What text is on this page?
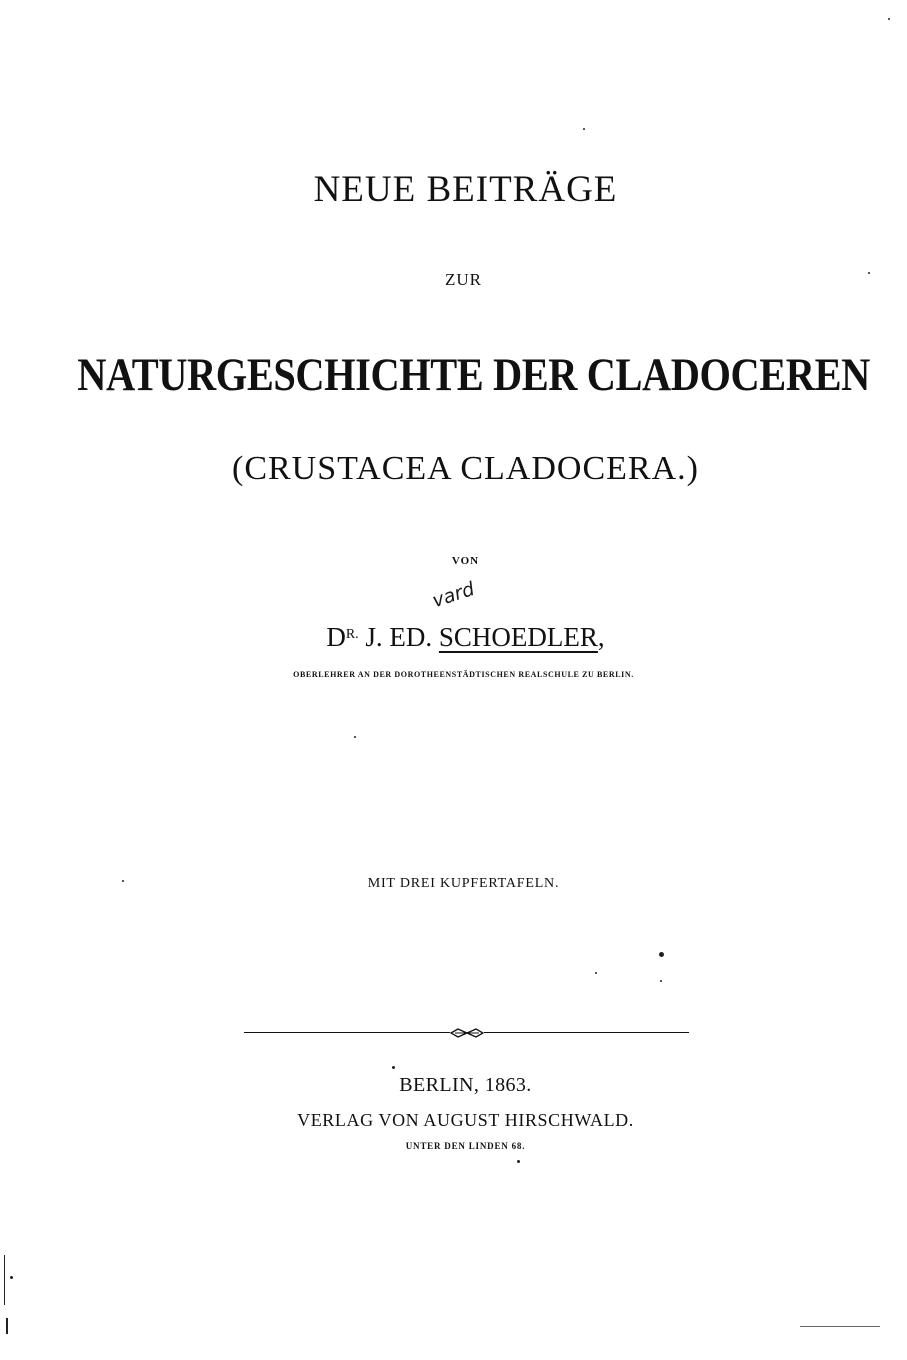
NEUE BEITRÄGE
ZUR
NATURGESCHICHTE DER CLADOCEREN
(CRUSTACEA CLADOCERA.)
VON
vard
$D^{R.}$ J. ED. SCHOEDLER,
OBERLEHRER AN DER DOROTHEENSTÄDTISCHEN REALSCHULE ZU BERLIN.
MIT DREI KUPFERTAFELN.
BERLIN, 1863.
VERLAG VON AUGUST HIRSCHWALD.
UNTER DEN LINDEN 68.
